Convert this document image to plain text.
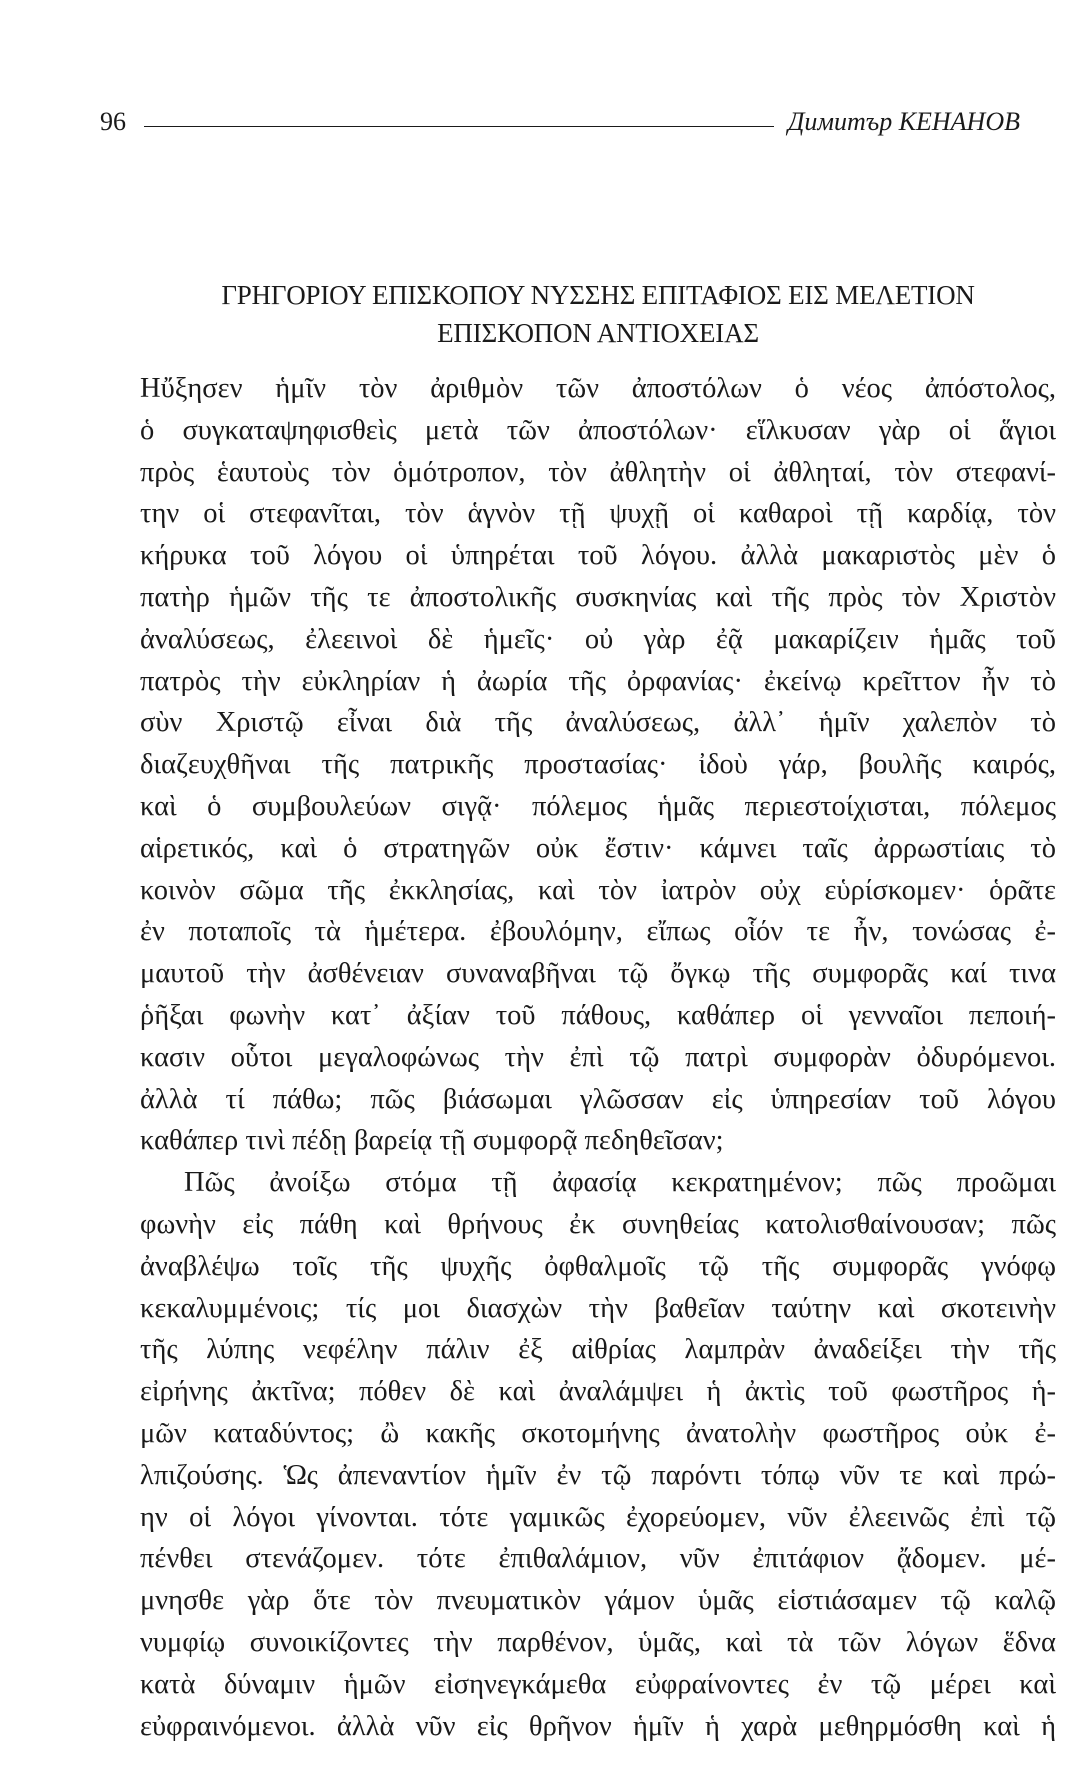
96	Димитър КЕНАНОВ
ΓΡΗΓΟΡΙΟΥ ΕΠΙΣΚΟΠΟΥ ΝΥΣΣΗΣ ΕΠΙΤΑΦΙΟΣ ΕΙΣ ΜΕΛΕΤΙΟΝ
ΕΠΙΣΚΟΠΟΝ ΑΝΤΙΟΧΕΙΑΣ
Ηὔξησεν ἡμῖν τὸν ἀριθμὸν τῶν ἀποστόλων ὁ νέος ἀπόστολος,
ὁ συγκαταψηφισθεὶς μετὰ τῶν ἀποστόλων· εἵλκυσαν γὰρ οἱ ἅγιοι
πρὸς ἑαυτοὺς τὸν ὁμότροπον, τὸν ἀθλητὴν οἱ ἀθληταί, τὸν στεφανί-
την οἱ στεφανῖται, τὸν ἁγνὸν τῇ ψυχῇ οἱ καθαροὶ τῇ καρδίᾳ, τὸν
κήρυκα τοῦ λόγου οἱ ὑπηρέται τοῦ λόγου. ἀλλὰ μακαριστὸς μὲν ὁ
πατὴρ ἡμῶν τῆς τε ἀποστολικῆς συσκηνίας καὶ τῆς πρὸς τὸν Χριστὸν
ἀναλύσεως, ἐλεεινοὶ δὲ ἡμεῖς· οὐ γὰρ ἐᾷ μακαρίζειν ἡμᾶς τοῦ
πατρὸς τὴν εὐκληρίαν ἡ ἀωρία τῆς ὀρφανίας· ἐκείνῳ κρεῖττον ἦν τὸ
σὺν Χριστῷ εἶναι διὰ τῆς ἀναλύσεως, ἀλλ᾽ ἡμῖν χαλεπὸν τὸ
διαζευχθῆναι τῆς πατρικῆς προστασίας· ἰδοὺ γάρ, βουλῆς καιρός,
καὶ ὁ συμβουλεύων σιγᾷ· πόλεμος ἡμᾶς περιεστοίχισται, πόλεμος
αἱρετικός, καὶ ὁ στρατηγῶν οὐκ ἔστιν· κάμνει ταῖς ἀρρωστίαις τὸ
κοινὸν σῶμα τῆς ἐκκλησίας, καὶ τὸν ἰατρὸν οὐχ εὑρίσκομεν· ὁρᾶτε
ἐν ποταποῖς τὰ ἡμέτερα. ἐβουλόμην, εἴπως οἷόν τε ἦν, τονώσας ἐ-
μαυτοῦ τὴν ἀσθένειαν συναναβῆναι τῷ ὄγκῳ τῆς συμφορᾶς καί τινα
ῥῆξαι φωνὴν κατ᾽ ἀξίαν τοῦ πάθους, καθάπερ οἱ γενναῖοι πεποιή-
κασιν οὗτοι μεγαλοφώνως τὴν ἐπὶ τῷ πατρὶ συμφορὰν ὀδυρόμενοι.
ἀλλὰ τί πάθω; πῶς βιάσωμαι γλῶσσαν εἰς ὑπηρεσίαν τοῦ λόγου
καθάπερ τινὶ πέδῃ βαρείᾳ τῇ συμφορᾷ πεδηθεῖσαν;
Πῶς ἀνοίξω στόμα τῇ ἀφασίᾳ κεκρατημένον; πῶς προῶμαι
φωνὴν εἰς πάθη καὶ θρήνους ἐκ συνηθείας κατολισθαίνουσαν; πῶς
ἀναβλέψω τοῖς τῆς ψυχῆς ὀφθαλμοῖς τῷ τῆς συμφορᾶς γνόφῳ
κεκαλυμμένοις; τίς μοι διασχὼν τὴν βαθεῖαν ταύτην καὶ σκοτεινὴν
τῆς λύπης νεφέλην πάλιν ἐξ αἰθρίας λαμπρὰν ἀναδείξει τὴν τῆς
εἰρήνης ἀκτῖνα; πόθεν δὲ καὶ ἀναλάμψει ἡ ἀκτὶς τοῦ φωστῆρος ἡ-
μῶν καταδύντος; ὢ κακῆς σκοτομήνης ἀνατολὴν φωστῆρος οὐκ ἐ-
λπιζούσης. Ὡς ἀπεναντίον ἡμῖν ἐν τῷ παρόντι τόπῳ νῦν τε καὶ πρώ-
ην οἱ λόγοι γίνονται. τότε γαμικῶς ἐχορεύομεν, νῦν ἐλεεινῶς ἐπὶ τῷ
πένθει στενάζομεν. τότε ἐπιθαλάμιον, νῦν ἐπιτάφιον ᾄδομεν. μέ-
μνησθε γὰρ ὅτε τὸν πνευματικὸν γάμον ὑμᾶς εἱστιάσαμεν τῷ καλῷ
νυμφίῳ συνοικίζοντες τὴν παρθένον, ὑμᾶς, καὶ τὰ τῶν λόγων ἕδνα
κατὰ δύναμιν ἡμῶν εἰσηνεγκάμεθα εὐφραίνοντες ἐν τῷ μέρει καὶ
εὐφραινόμενοι. ἀλλὰ νῦν εἰς θρῆνον ἡμῖν ἡ χαρὰ μεθηρμόσθη καὶ ἡ
